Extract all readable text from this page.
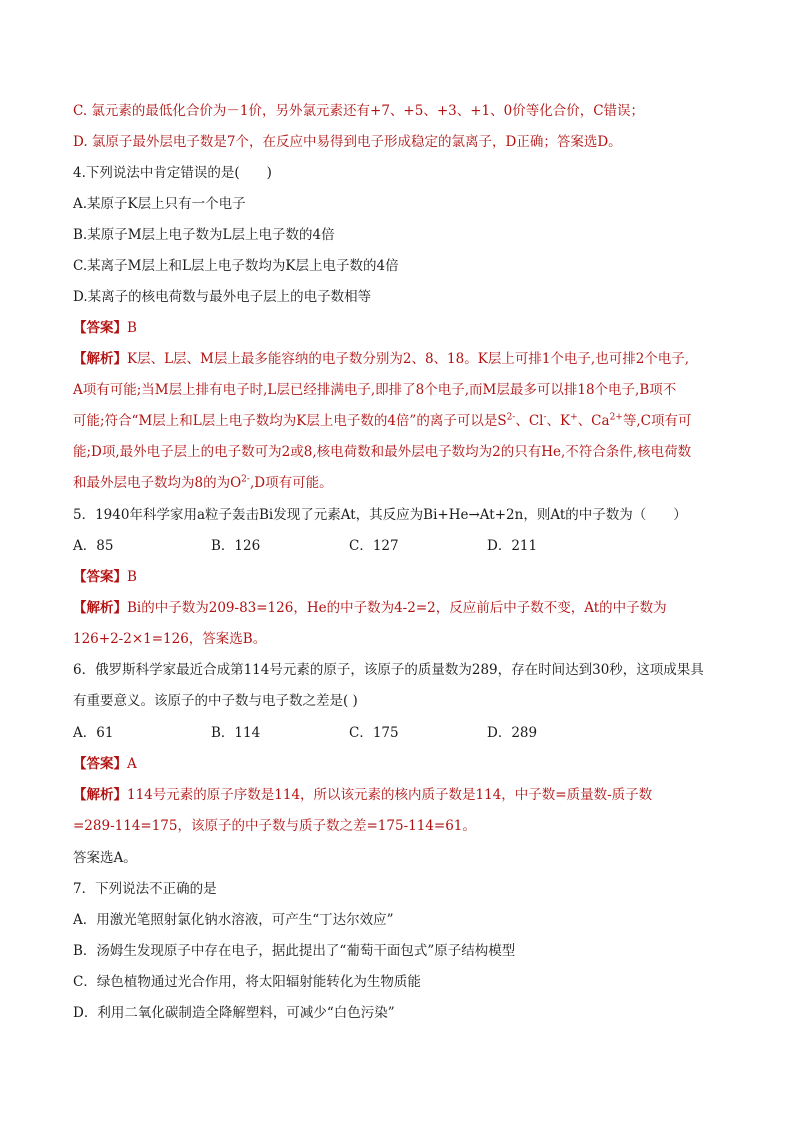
C. 氯元素的最低化合价为－1价，另外氯元素还有+7、+5、+3、+1、0价等化合价，C错误；
D. 氯原子最外层电子数是7个，在反应中易得到电子形成稳定的氯离子，D正确；答案选D。
4.下列说法中肯定错误的是(　　)
A.某原子K层上只有一个电子
B.某原子M层上电子数为L层上电子数的4倍
C.某离子M层上和L层上电子数均为K层上电子数的4倍
D.某离子的核电荷数与最外电子层上的电子数相等
【答案】B
【解析】K层、L层、M层上最多能容纳的电子数分别为2、8、18。K层上可排1个电子,也可排2个电子,
A项有可能;当M层上排有电子时,L层已经排满电子,即排了8个电子,而M层最多可以排18个电子,B项不
可能;符合“M层上和L层上电子数均为K层上电子数的4倍”的离子可以是$S^{2-}$、Cl-、K+、$Ca^{2+}$等,C项有可
能;D项,最外电子层上的电子数可为2或8,核电荷数和最外层电子数均为2的只有He,不符合条件,核电荷数
和最外层电子数均为8的为$O^{2-},D$项有可能。
5．1940年科学家用a粒子轰击Bi发现了元素At，其反应为Bi+He→At+2n，则At的中子数为（　　）
A．85	B．126	C．127	D．211
【答案】B
【解析】Bi的中子数为209-83=126，He的中子数为4-2=2，反应前后中子数不变，At的中子数为
126+2-2×1=126，答案选B。
6．俄罗斯科学家最近合成第114号元素的原子，该原子的质量数为289，存在时间达到30秒，这项成果具
有重要意义。该原子的中子数与电子数之差是( )
A．61	B．114	C．175	D．289
【答案】A
【解析】114号元素的原子序数是114，所以该元素的核内质子数是114，中子数=质量数-质子数
=289-114=175，该原子的中子数与质子数之差=175-114=61。
答案选A。
7．下列说法不正确的是
A．用激光笔照射氯化钠水溶液，可产生“丁达尔效应”
B．汤姆生发现原子中存在电子，据此提出了“葡萄干面包式”原子结构模型
C．绿色植物通过光合作用，将太阳辐射能转化为生物质能
D．利用二氧化碳制造全降解塑料，可减少“白色污染”
